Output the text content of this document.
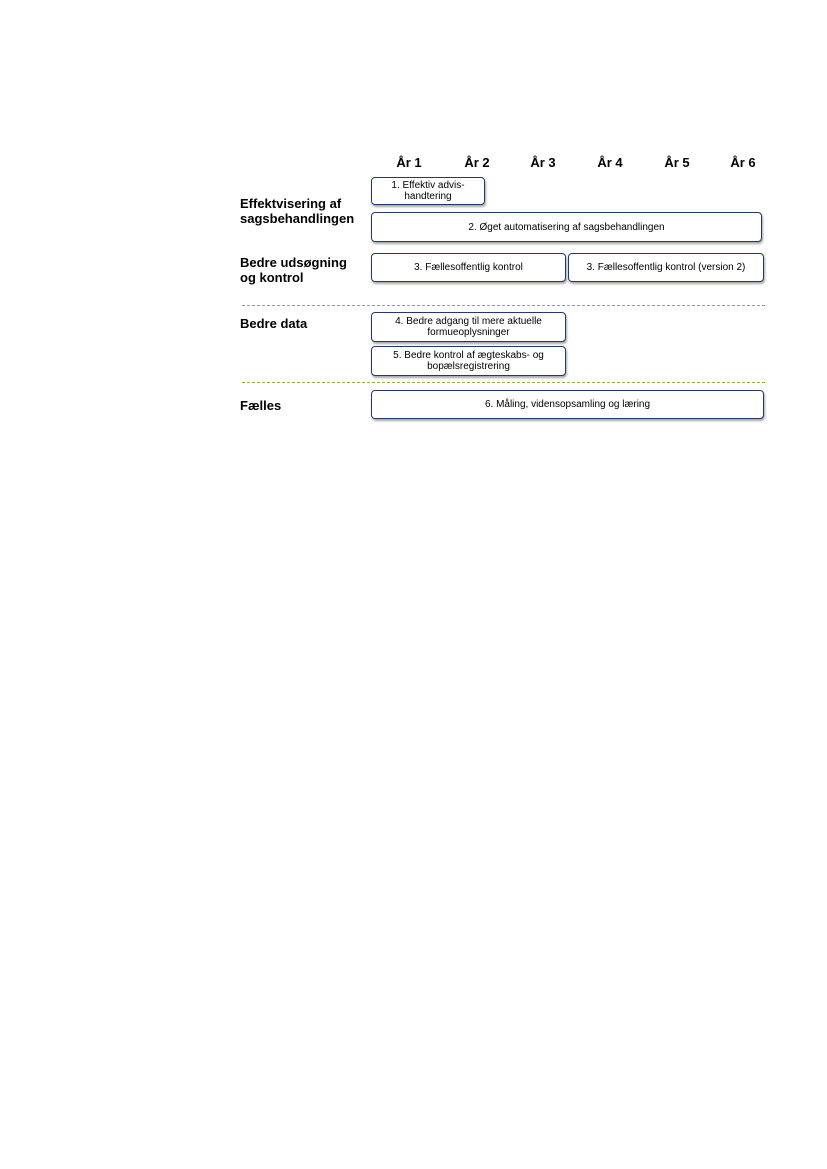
År 1	År 2	År 3	År 4	År 5	År 6
Effektvisering af
sagsbehandlingen
Bedre udsøgning
og kontrol
Bedre data
Fælles
1. Effektiv advis-
handtering
2. Øget automatisering af sagsbehandlingen
3. Fællesoffentlig kontrol	3. Fællesoffentlig kontrol (version 2)
4. Bedre adgang til mere aktuelle
formueoplysninger
5. Bedre kontrol af ægteskabs- og
bopælsregistrering
6. Måling, vidensopsamling og læring
